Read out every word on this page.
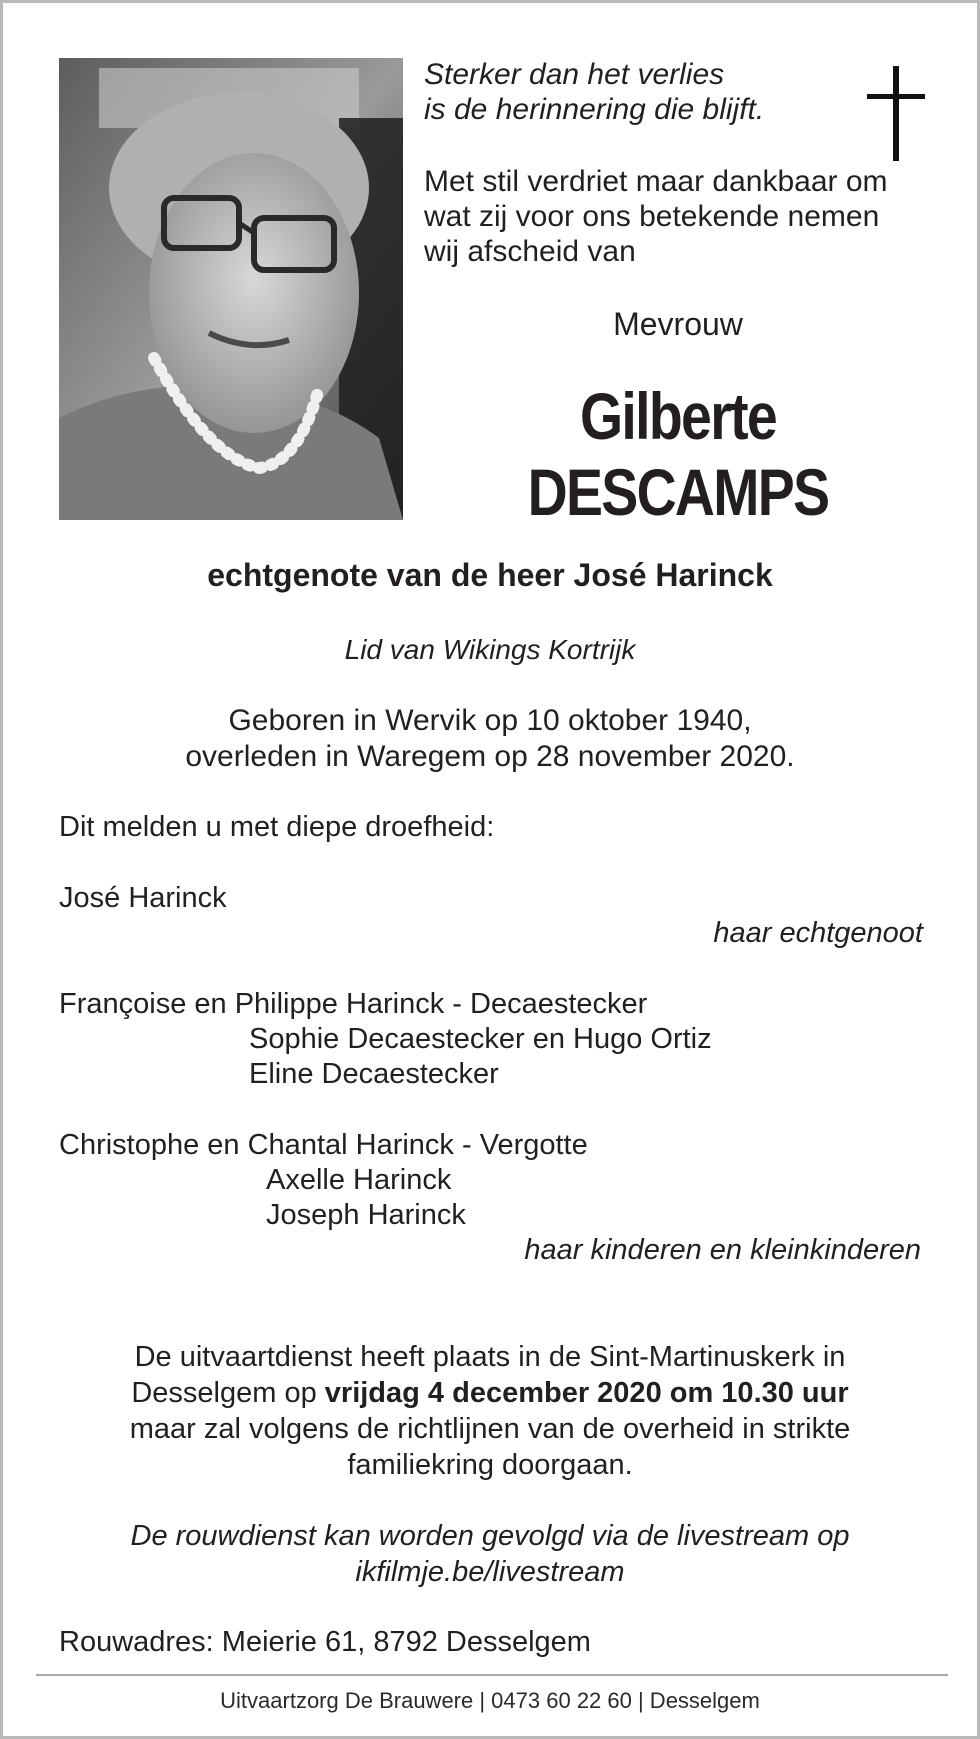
Sterker dan het verlies
is de herinnering die blijft.
Met stil verdriet maar dankbaar om
wat zij voor ons betekende nemen
wij afscheid van
Mevrouw
Gilberte
DESCAMPS
echtgenote van de heer José Harinck
Lid van Wikings Kortrijk
Geboren in Wervik op 10 oktober 1940,
overleden in Waregem op 28 november 2020.
Dit melden u met diepe droefheid:
José Harinck
haar echtgenoot
Françoise en Philippe Harinck - Decaestecker
Sophie Decaestecker en Hugo Ortiz
Eline Decaestecker
Christophe en Chantal Harinck - Vergotte
Axelle Harinck
Joseph Harinck
haar kinderen en kleinkinderen
De uitvaartdienst heeft plaats in de Sint-Martinuskerk in
Desselgem op vrijdag 4 december 2020 om 10.30 uur
maar zal volgens de richtlijnen van de overheid in strikte
familiekring doorgaan.
De rouwdienst kan worden gevolgd via de livestream op
ikfilmje.be/livestream
Rouwadres: Meierie 61, 8792 Desselgem
Uitvaartzorg De Brauwere | 0473 60 22 60 | Desselgem
